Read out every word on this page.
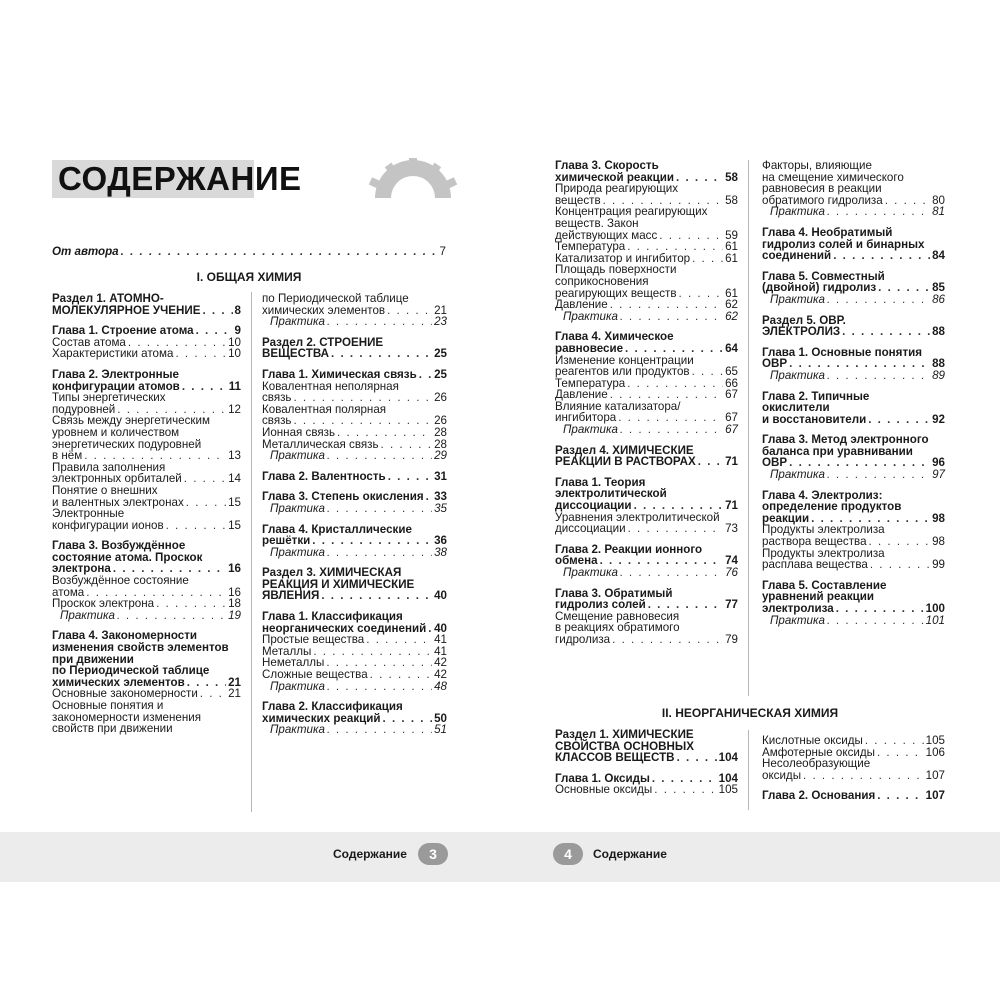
СОДЕРЖАНИЕ
От автора . . .	7
I. ОБЩАЯ ХИМИЯ
II. НЕОРГАНИЧЕСКАЯ ХИМИЯ
Раздел 1. АТОМНО-
МОЛЕКУЛЯРНОЕ УЧЕНИЕ . . .	8
Глава 1. Строение атома . . .	9
Состав атома . . .	10
Характеристики атома . . .	10
Глава 2. Электронные
конфигурации атомов . . .	11
Типы энергетических
подуровней . . .	12
Связь между энергетическим
уровнем и количеством
энергетических подуровней
в нём . . .	13
Правила заполнения
электронных орбиталей . . .	14
Понятие о внешних
и валентных электронах . . .	15
Электронные
конфигурации ионов . . .	15
Глава 3. Возбуждённое
состояние атома. Проскок
электрона . . .	16
Возбуждённое состояние
атома . . .	16
Проскок электрона . . .	18
Практика . . .	19
Глава 4. Закономерности
изменения свойств элементов
при движении
по Периодической таблице
химических элементов . . .	21
Основные закономерности . . .	21
Основные понятия и
закономерности изменения
свойств при движении
по Периодической таблице
химических элементов . . .	21
Практика . . .	23
Раздел 2. СТРОЕНИЕ
ВЕЩЕСТВА . . .	25
Глава 1. Химическая связь . . . 25
Ковалентная неполярная
связь . . .	26
Ковалентная полярная
связь . . .	26
Ионная связь . . .	28
Металлическая связь . . .	28
Практика . . .	29
Глава 2. Валентность . . .	31
Глава 3. Степень окисления . . . 33
Практика . . .	35
Глава 4. Кристаллические
решётки . . .	36
Практика . . .	38
Раздел 3. ХИМИЧЕСКАЯ
РЕАКЦИЯ И ХИМИЧЕСКИЕ
ЯВЛЕНИЯ . . .	40
Глава 1. Классификация
неорганических соединений . . . 40
Простые вещества . . .	41
Металлы . . .	41
Неметаллы . . .	42
Сложные вещества . . .	42
Практика . . .	48
Глава 2. Классификация
химических реакций . . .	50
Практика . . .	51
Глава 3. Скорость
химической реакции . . .	58
Природа реагирующих
веществ . . .	58
Концентрация реагирующих
веществ. Закон
действующих масс . . .	59
Температура . . .	61
Катализатор и ингибитор . . .	61
Площадь поверхности
соприкосновения
реагирующих веществ . . .	61
Давление . . .	62
Практика . . .	62
Глава 4. Химическое
равновесие . . .	64
Изменение концентрации
реагентов или продуктов . . .	65
Температура . . .	66
Давление . . .	67
Влияние катализатора/
ингибитора . . .	67
Практика . . .	67
Раздел 4. ХИМИЧЕСКИЕ
РЕАКЦИИ В РАСТВОРАХ . . .	71
Глава 1. Теория
электролитической
диссоциации . . .	71
Уравнения электролитической
диссоциации . . .	73
Глава 2. Реакции ионного
обмена . . .	74
Практика . . .	76
Глава 3. Обратимый
гидролиз солей . . .	77
Смещение равновесия
в реакциях обратимого
гидролиза . . .	79
Факторы, влияющие
на смещение химического
равновесия в реакции
обратимого гидролиза . . .	80
Практика . . .	81
Глава 4. Необратимый
гидролиз солей и бинарных
соединений . . .	84
Глава 5. Совместный
(двойной) гидролиз . . .	85
Практика . . .	86
Раздел 5. ОВР.
ЭЛЕКТРОЛИЗ . . .	88
Глава 1. Основные понятия
ОВР . . .	88
Практика . . .	89
Глава 2. Типичные
окислители
и восстановители . . .	92
Глава 3. Метод электронного
баланса при уравнивании
ОВР . . .	96
Практика . . .	97
Глава 4. Электролиз:
определение продуктов
реакции . . .	98
Продукты электролиза
раствора вещества . . .	98
Продукты электролиза
расплава вещества . . .	99
Глава 5. Составление
уравнений реакции
электролиза . . .	100
Практика . . .	101
Раздел 1. ХИМИЧЕСКИЕ
СВОЙСТВА ОСНОВНЫХ
КЛАССОВ ВЕЩЕСТВ . . .	104
Глава 1. Оксиды . . .	104
Основные оксиды . . .	105
Кислотные оксиды . . .	105
Амфотерные оксиды . . .	106
Несолеобразующие
оксиды . . .	107
Глава 2. Основания . . .	107
Содержание	3	4	Содержание
